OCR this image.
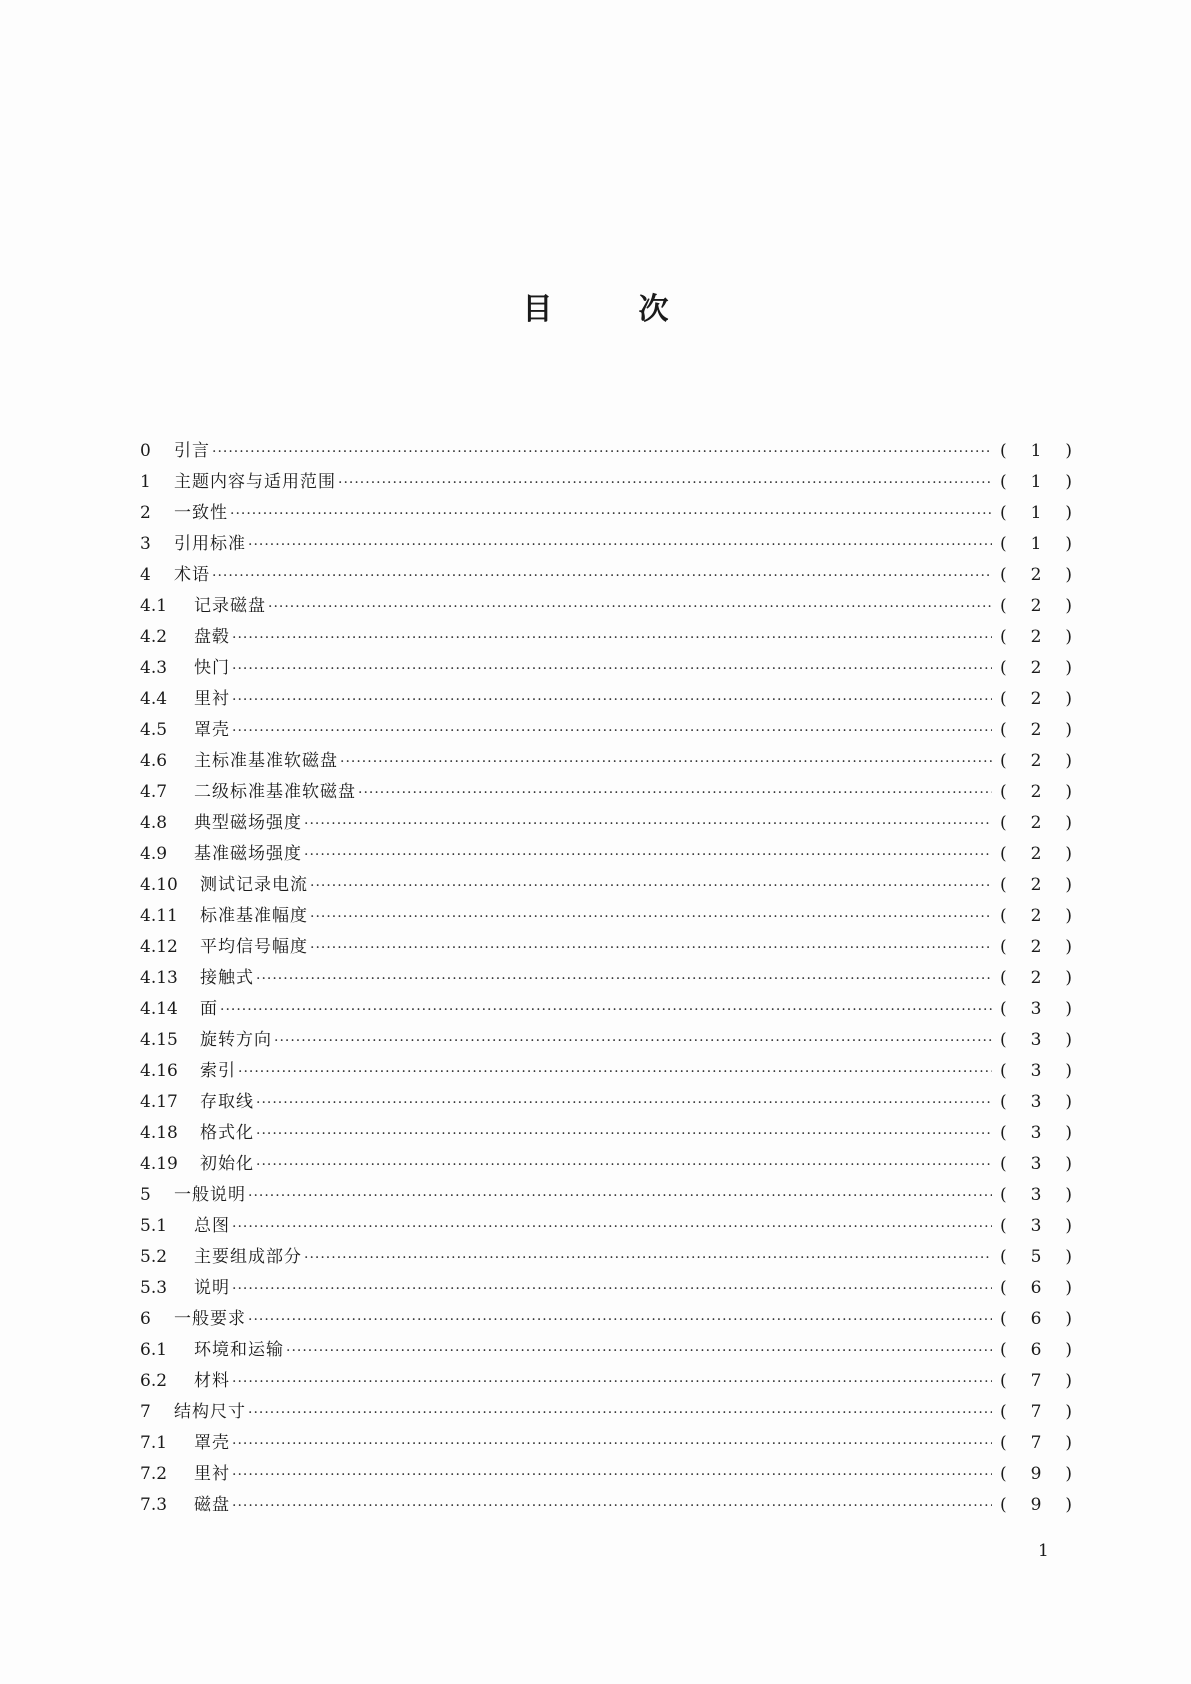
目	次
0	引言 ·····	( 1 )
1	主题内容与适用范围 ·····	( 1 )
2	一致性 ·····	( 1 )
3	引用标准 ·····	( 1 )
4	术语 ·····	( 2 )
4.1	记录磁盘 ·····	( 2 )
4.2	盘毂 ·····	( 2 )
4.3	快门 ·····	( 2 )
4.4	里衬 ·····	( 2 )
4.5	罩壳 ·····	( 2 )
4.6	主标准基准软磁盘 ·····	( 2 )
4.7	二级标准基准软磁盘 ·····	( 2 )
4.8	典型磁场强度 ·····	( 2 )
4.9	基准磁场强度 ·····	( 2 )
4.10	测试记录电流 ·····	( 2 )
4.11	标准基准幅度 ·····	( 2 )
4.12	平均信号幅度 ·····	( 2 )
4.13	接触式 ·····	( 2 )
4.14	面 ·····	( 3 )
4.15	旋转方向 ·····	( 3 )
4.16	索引 ·····	( 3 )
4.17	存取线 ·····	( 3 )
4.18	格式化 ·····	( 3 )
4.19	初始化 ·····	( 3 )
5	一般说明 ·····	( 3 )
5.1	总图 ·····	( 3 )
5.2	主要组成部分 ·····	( 5 )
5.3	说明 ·····	( 6 )
6	一般要求 ·····	( 6 )
6.1	环境和运输 ·····	( 6 )
6.2	材料 ·····	( 7 )
7	结构尺寸 ·····	( 7 )
7.1	罩壳 ·····	( 7 )
7.2	里衬 ·····	( 9 )
7.3	磁盘 ·····	( 9 )
1
